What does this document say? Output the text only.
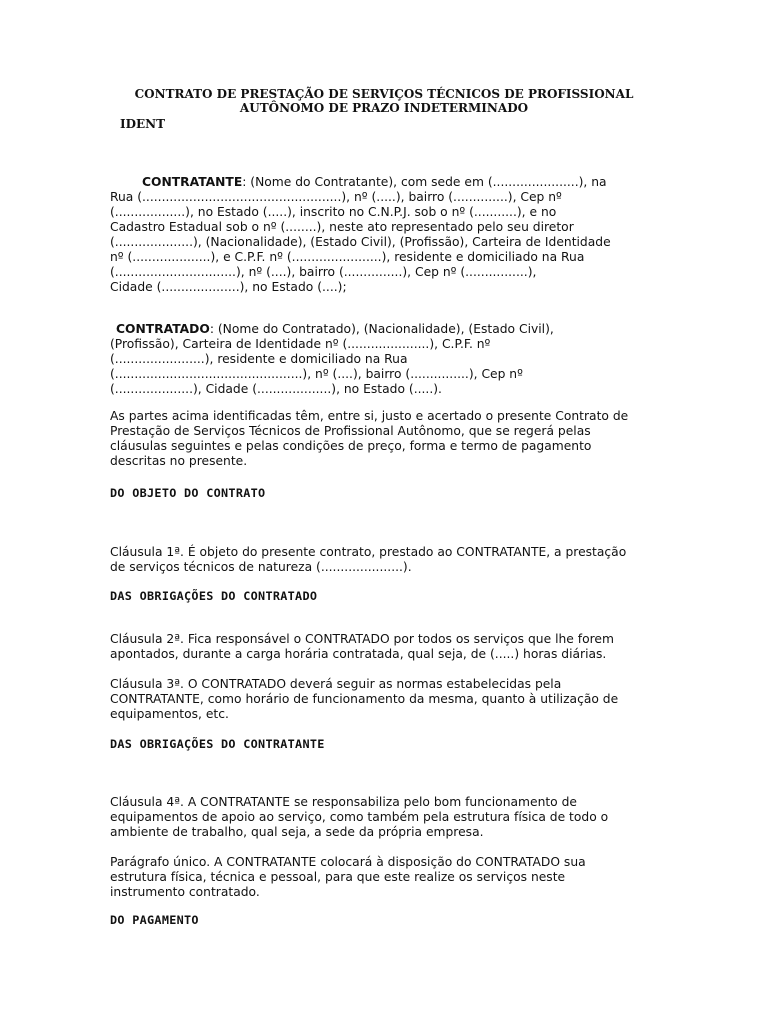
CONTRATO DE PRESTAÇÃO DE SERVIÇOS TÉCNICOS DE PROFISSIONAL
AUTÔNOMO DE PRAZO INDETERMINADO
IDENT

CONTRATANTE: (Nome do Contratante), com sede em (......................), na
Rua (...................................................), nº (.....), bairro (..............), Cep nº
(..................), no Estado (.....), inscrito no C.N.P.J. sob o nº (...........), e no
Cadastro Estadual sob o nº (........), neste ato representado pelo seu diretor
(....................), (Nacionalidade), (Estado Civil), (Profissão), Carteira de Identidade
nº (....................), e C.P.F. nº (.......................), residente e domiciliado na Rua
(...............................), nº (....), bairro (...............), Cep nº (................),
Cidade (....................), no Estado (....);

CONTRATADO: (Nome do Contratado), (Nacionalidade), (Estado Civil),
(Profissão), Carteira de Identidade nº (.....................), C.P.F. nº
(.......................), residente e domiciliado na Rua
(................................................), nº (....), bairro (...............), Cep nº
(....................), Cidade (...................), no Estado (.....).

As partes acima identificadas têm, entre si, justo e acertado o presente Contrato de
Prestação de Serviços Técnicos de Profissional Autônomo, que se regerá pelas
cláusulas seguintes e pelas condições de preço, forma e termo de pagamento
descritas no presente.

DO OBJETO DO CONTRATO

Cláusula 1ª. É objeto do presente contrato, prestado ao CONTRATANTE, a prestação
de serviços técnicos de natureza (.....................).

DAS OBRIGAÇÕES DO CONTRATADO

Cláusula 2ª. Fica responsável o CONTRATADO por todos os serviços que lhe forem
apontados, durante a carga horária contratada, qual seja, de (.....) horas diárias.

Cláusula 3ª. O CONTRATADO deverá seguir as normas estabelecidas pela
CONTRATANTE, como horário de funcionamento da mesma, quanto à utilização de
equipamentos, etc.

DAS OBRIGAÇÕES DO CONTRATANTE

Cláusula 4ª. A CONTRATANTE se responsabiliza pelo bom funcionamento de
equipamentos de apoio ao serviço, como também pela estrutura física de todo o
ambiente de trabalho, qual seja, a sede da própria empresa.

Parágrafo único. A CONTRATANTE colocará à disposição do CONTRATADO sua
estrutura física, técnica e pessoal, para que este realize os serviços neste
instrumento contratado.

DO PAGAMENTO
